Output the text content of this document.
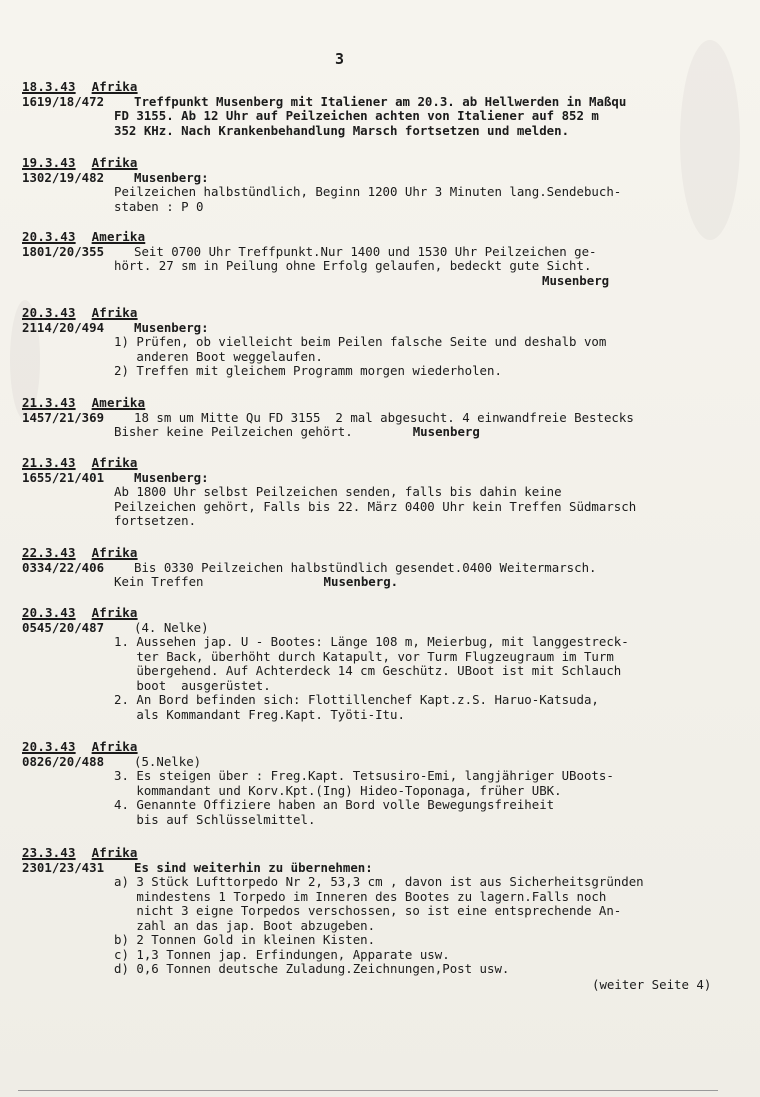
3
18.3.43 Afrika
1619/18/472 Treffpunkt Musenberg mit Italiener am 20.3. ab Hellwerden in Maßqu
FD 3155. Ab 12 Uhr auf Peilzeichen achten von Italiener auf 852 m
352 KHz. Nach Krankenbehandlung Marsch fortsetzen und melden.
19.3.43 Afrika
1302/19/482 Musenberg:
Peilzeichen halbstündlich, Beginn 1200 Uhr 3 Minuten lang.Sendebuch-
staben : P 0
20.3.43 Amerika
1801/20/355 Seit 0700 Uhr Treffpunkt.Nur 1400 und 1530 Uhr Peilzeichen ge-
hört. 27 sm in Peilung ohne Erfolg gelaufen, bedeckt gute Sicht.
Musenberg
20.3.43 Afrika
2114/20/494 Musenberg:
1) Prüfen, ob vielleicht beim Peilen falsche Seite und deshalb vom
anderen Boot weggelaufen.
2) Treffen mit gleichem Programm morgen wiederholen.
21.3.43 Amerika
1457/21/369 18 sm um Mitte Qu FD 3155  2 mal abgesucht. 4 einwandfreie Bestecks
Bisher keine Peilzeichen gehört.	Musenberg
21.3.43 Afrika
1655/21/401 Musenberg:
Ab 1800 Uhr selbst Peilzeichen senden, falls bis dahin keine
Peilzeichen gehört, Falls bis 22. März 0400 Uhr kein Treffen Südmarsch
fortsetzen.
22.3.43 Afrika
0334/22/406 Bis 0330 Peilzeichen halbstündlich gesendet.0400 Weitermarsch.
Kein Treffen	Musenberg.
20.3.43 Afrika
0545/20/487 (4. Nelke)
1. Aussehen jap. U - Bootes: Länge 108 m, Meierbug, mit langgestreck-
ter Back, überhöht durch Katapult, vor Turm Flugzeugraum im Turm
übergehend. Auf Achterdeck 14 cm Geschütz. UBoot ist mit Schlauch
boot  ausgerüstet.
2. An Bord befinden sich: Flottillenchef Kapt.z.S. Haruo-Katsuda,
als Kommandant Freg.Kapt. Työti-Itu.
20.3.43 Afrika
0826/20/488 (5.Nelke)
3. Es steigen über : Freg.Kapt. Tetsusiro-Emi, langjähriger UBoots-
kommandant und Korv.Kpt.(Ing) Hideo-Toponaga, früher UBK.
4. Genannte Offiziere haben an Bord volle Bewegungsfreiheit
bis auf Schlüsselmittel.
23.3.43 Afrika
2301/23/431 Es sind weiterhin zu übernehmen:
a) 3 Stück Lufttorpedo Nr 2, 53,3 cm , davon ist aus Sicherheitsgründen
mindestens 1 Torpedo im Inneren des Bootes zu lagern.Falls noch
nicht 3 eigne Torpedos verschossen, so ist eine entsprechende An-
zahl an das jap. Boot abzugeben.
b) 2 Tonnen Gold in kleinen Kisten.
c) 1,3 Tonnen jap. Erfindungen, Apparate usw.
d) 0,6 Tonnen deutsche Zuladung.Zeichnungen,Post usw.
(weiter Seite 4)
